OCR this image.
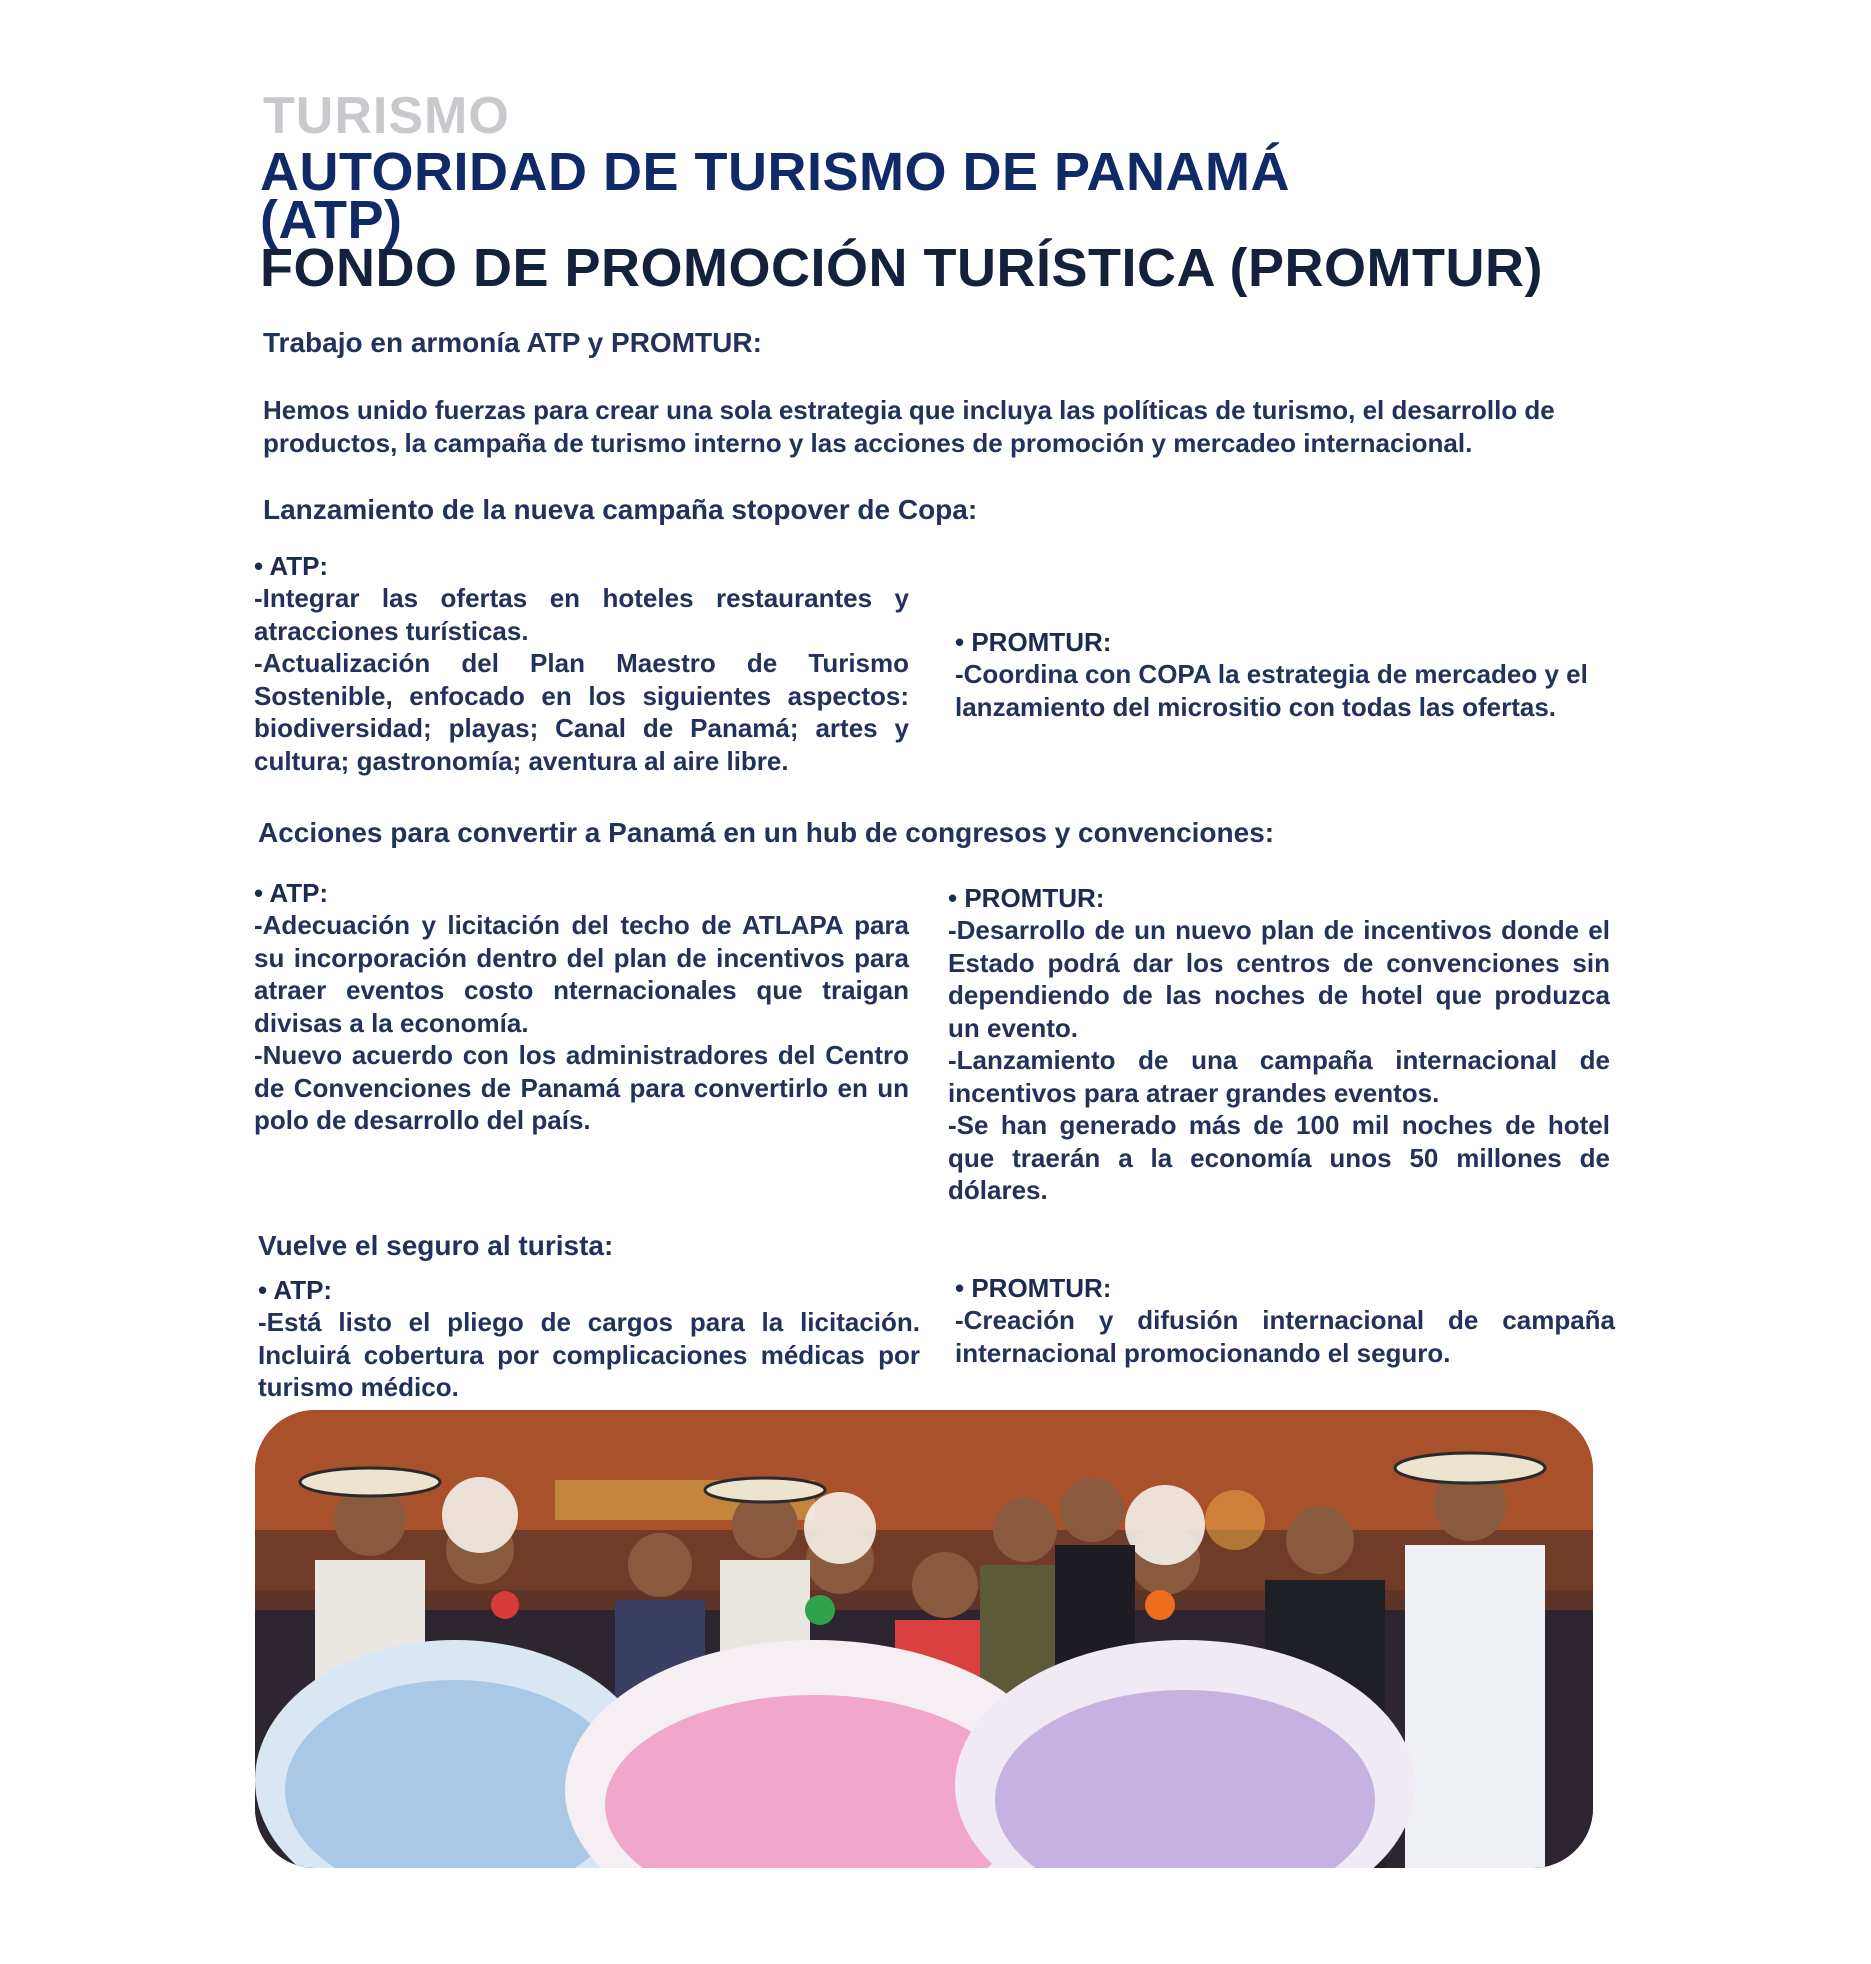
TURISMO
AUTORIDAD DE TURISMO DE PANAMÁ
(ATP)
FONDO DE PROMOCIÓN TURÍSTICA (PROMTUR)
Trabajo en armonía ATP y PROMTUR:
Hemos unido fuerzas para crear una sola estrategia que incluya las políticas de turismo, el desarrollo de productos, la campaña de turismo interno y las acciones de promoción y mercadeo internacional.
Lanzamiento de la nueva campaña stopover de Copa:
• ATP:
-Integrar las ofertas en hoteles restaurantes y atracciones turísticas.
-Actualización del Plan Maestro de Turismo Sostenible, enfocado en los siguientes aspectos: biodiversidad; playas; Canal de Panamá; artes y cultura; gastronomía; aventura al aire libre.
• PROMTUR:
-Coordina con COPA la estrategia de mercadeo y el lanzamiento del micrositio con todas las ofertas.
Acciones para convertir a Panamá en un hub de congresos y convenciones:
• ATP:
-Adecuación y licitación del techo de ATLAPA para su incorporación dentro del plan de incentivos para atraer eventos costo nternacionales que traigan divisas a la economía.
-Nuevo acuerdo con los administradores del Centro de Convenciones de Panamá para convertirlo en un polo de desarrollo del país.
• PROMTUR:
-Desarrollo de un nuevo plan de incentivos donde el Estado podrá dar los centros de convenciones sin dependiendo de las noches de hotel que produzca un evento.
-Lanzamiento de una campaña internacional de incentivos para atraer grandes eventos.
-Se han generado más de 100 mil noches de hotel que traerán a la economía unos 50 millones de dólares.
Vuelve el seguro al turista:
• ATP:
-Está listo el pliego de cargos para la licitación. Incluirá cobertura por complicaciones médicas por turismo médico.
• PROMTUR:
-Creación y difusión internacional de campaña internacional promocionando el seguro.
